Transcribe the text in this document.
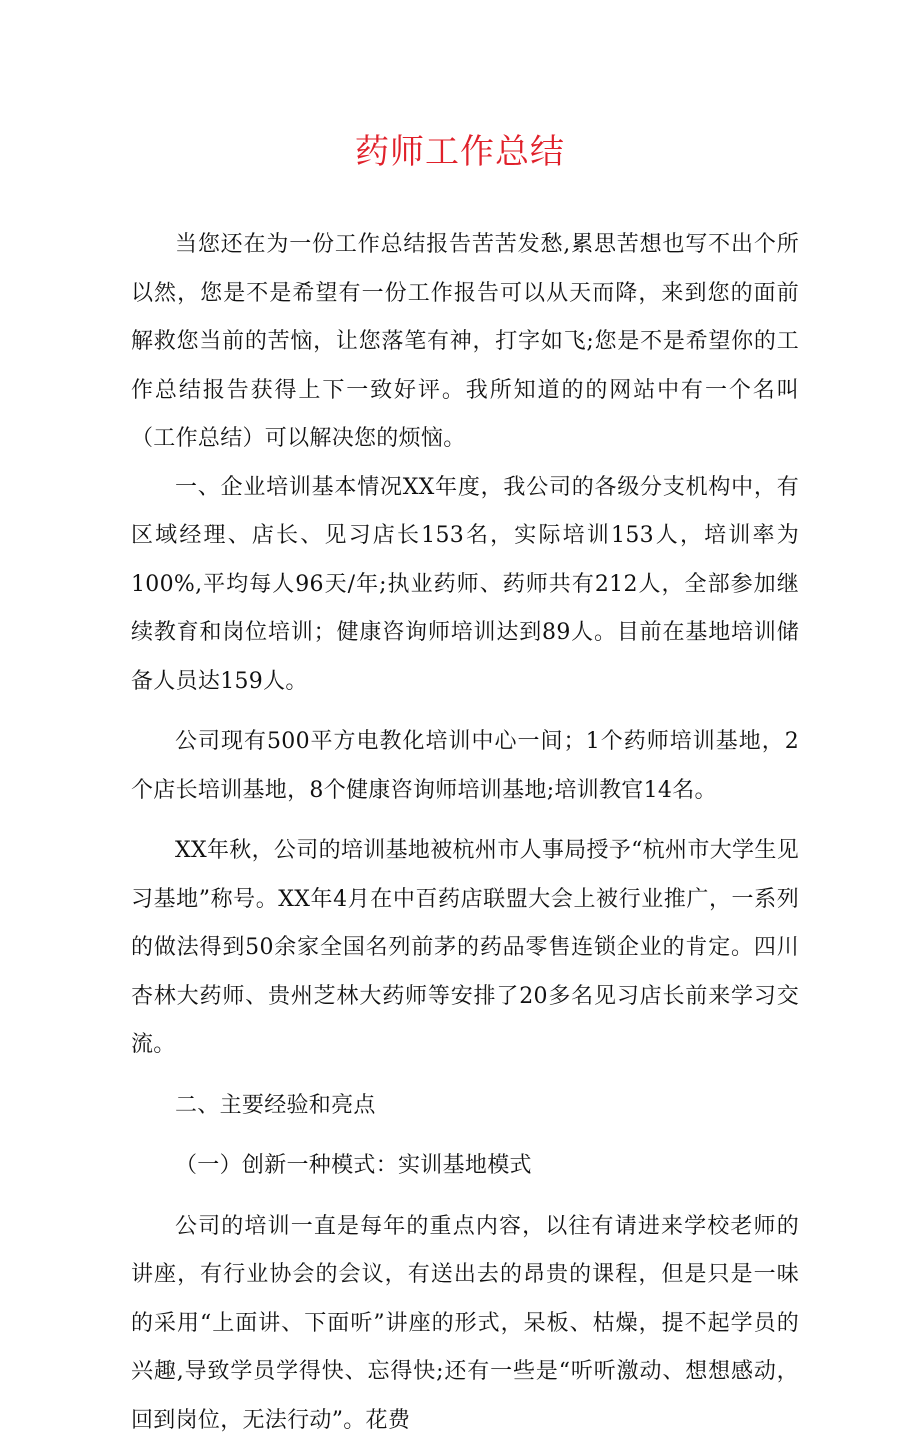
药师工作总结

当您还在为一份工作总结报告苦苦发愁,累思苦想也写不出个所以然，您是不是希望有一份工作报告可以从天而降，来到您的面前解救您当前的苦恼，让您落笔有神，打字如飞;您是不是希望你的工作总结报告获得上下一致好评。我所知道的的网站中有一个名叫（工作总结）可以解决您的烦恼。

一、企业培训基本情况XX年度，我公司的各级分支机构中，有区域经理、店长、见习店长153名，实际培训153人，培训率为100%,平均每人96天/年;执业药师、药师共有212人，全部参加继续教育和岗位培训；健康咨询师培训达到89人。目前在基地培训储备人员达159人。

公司现有500平方电教化培训中心一间；1个药师培训基地，2个店长培训基地，8个健康咨询师培训基地;培训教官14名。

XX年秋，公司的培训基地被杭州市人事局授予“杭州市大学生见习基地”称号。XX年4月在中百药店联盟大会上被行业推广，一系列的做法得到50余家全国名列前茅的药品零售连锁企业的肯定。四川杏林大药师、贵州芝林大药师等安排了20多名见习店长前来学习交流。

二、主要经验和亮点

（一）创新一种模式：实训基地模式

公司的培训一直是每年的重点内容，以往有请进来学校老师的讲座，有行业协会的会议，有送出去的昂贵的课程，但是只是一味的采用“上面讲、下面听”讲座的形式，呆板、枯燥，提不起学员的兴趣,导致学员学得快、忘得快;还有一些是“听听激动、想想感动，回到岗位，无法行动”。花费
